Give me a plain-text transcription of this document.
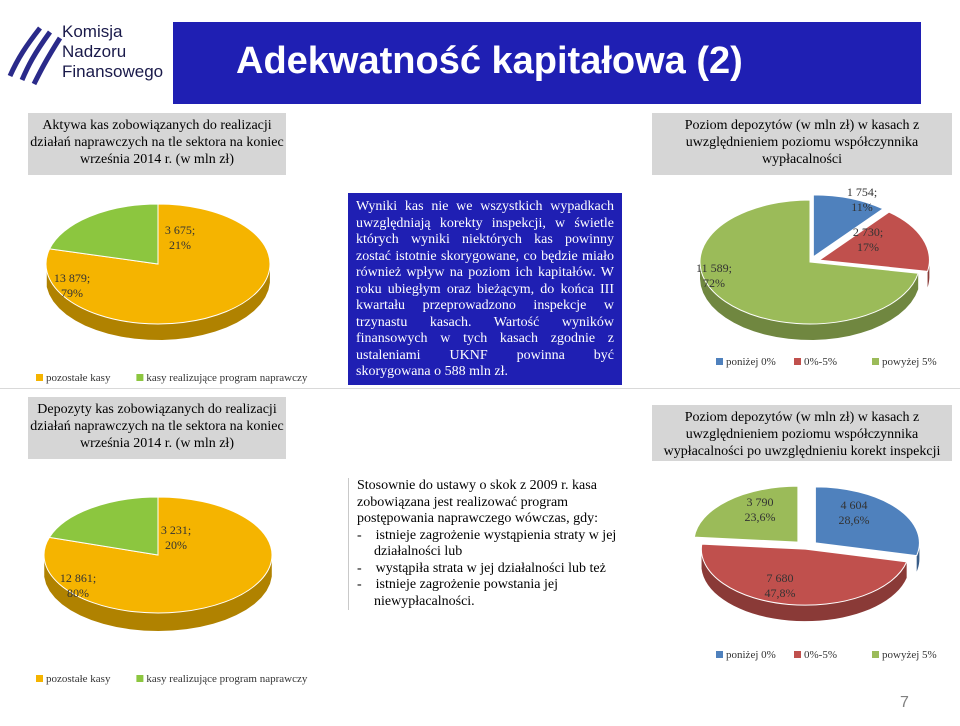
Komisja
Nadzoru
Finansowego Adekwatność kapitałowa (2)
Aktywa kas zobowiązanych do realizacji działań naprawczych na tle sektora na koniec września 2014 r. (w mln zł)
Poziom depozytów (w mln zł) w kasach z uwzględnieniem poziomu współczynnika wypłacalności
Depozyty kas zobowiązanych do realizacji działań naprawczych na tle sektora na koniec września 2014 r. (w mln zł)
Poziom depozytów (w mln zł) w kasach z uwzględnieniem poziomu współczynnika wypłacalności po uwzględnieniu korekt inspekcji
Wyniki kas nie we wszystkich wypadkach uwzględniają korekty inspekcji, w świetle których wyniki niektórych kas powinny zostać istotnie skorygowane, co będzie miało również wpływ na poziom ich kapitałów. W roku ubiegłym oraz bieżącym, do końca III kwartału przeprowadzono inspekcje w trzynastu kasach. Wartość wyników finansowych w tych kasach zgodnie z ustaleniami UKNF powinna być skorygowana o 588 mln zł.
Stosownie do ustawy o skok z 2009 r. kasa zobowiązana jest realizować program postępowania naprawczego wówczas, gdy:
- istnieje zagrożenie wystąpienia straty w jej działalności lub
- wystąpiła strata w jej działalności lub też
- istnieje zagrożenie powstania jej niewypłacalności.
13 879; 79%
3 675; 21%
pozostałe kasy	kasy realizujące program naprawczy
1 754; 11%
2 730; 17%
11 589; 72%
poniżej 0%	0%-5%	powyżej 5%
12 861; 80%
3 231; 20%
pozostałe kasy	kasy realizujące program naprawczy
4 604 28,6%
7 680 47,8%
3 790 23,6%
poniżej 0%	0%-5%	powyżej 5%
7
